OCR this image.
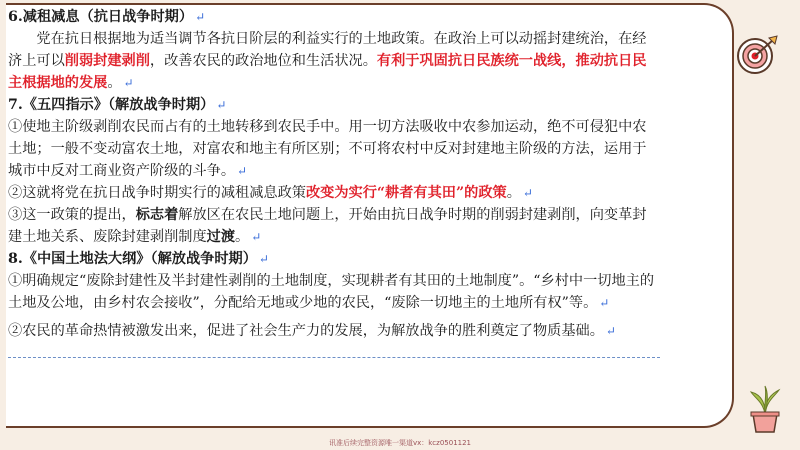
6.减租减息（抗日战争时期） ↵

党在抗日根据地为适当调节各抗日阶层的利益实行的土地政策。在政治上可以动摇封建统治，在经济上可以削弱封建剥削，改善农民的政治地位和生活状况。有利于巩固抗日民族统一战线，推动抗日民主根据地的发展。 ↵

7.《五四指示》（解放战争时期） ↵

①使地主阶级剥削农民而占有的土地转移到农民手中。用一切方法吸收中农参加运动，绝不可侵犯中农土地；一般不变动富农土地，对富农和地主有所区别；不可将农村中反对封建地主阶级的方法，运用于城市中反对工商业资产阶级的斗争。 ↵

②这就将党在抗日战争时期实行的减租减息政策改变为实行“耕者有其田”的政策。 ↵

③这一政策的提出，标志着解放区在农民土地问题上，开始由抗日战争时期的削弱封建剥削，向变革封建土地关系、废除封建剥削制度过渡。 ↵

8.《中国土地法大纲》（解放战争时期） ↵

①明确规定“废除封建性及半封建性剥削的土地制度，实现耕者有其田的土地制度”。“乡村中一切地主的土地及公地，由乡村农会接收”，分配给无地或少地的农民，“废除一切地主的土地所有权”等。 ↵

②农民的革命热情被激发出来，促进了社会生产力的发展，为解放战争的胜利奠定了物质基础。 ↵

讯准后续完整资源唯一渠道vx：kcz0501121
